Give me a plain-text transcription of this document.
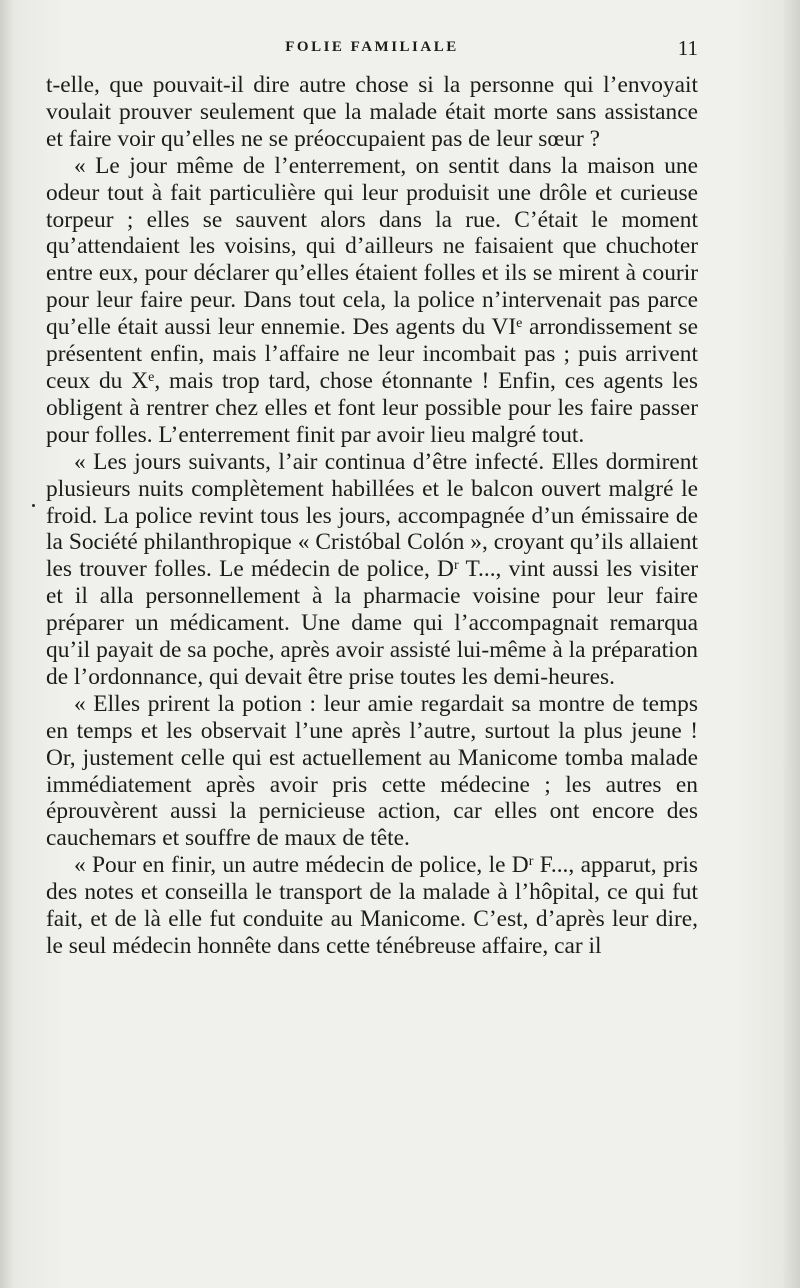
FOLIE FAMILIALE	11

t-elle, que pouvait-il dire autre chose si la personne qui l’envoyait voulait prouver seulement que la malade était morte sans assistance et faire voir qu’elles ne se préoccupaient pas de leur sœur ?

« Le jour même de l’enterrement, on sentit dans la maison une odeur tout à fait particulière qui leur produisit une drôle et curieuse torpeur ; elles se sauvent alors dans la rue. C’était le moment qu’attendaient les voisins, qui d’ailleurs ne faisaient que chuchoter entre eux, pour déclarer qu’elles étaient folles et ils se mirent à courir pour leur faire peur. Dans tout cela, la police n’intervenait pas parce qu’elle était aussi leur ennemie. Des agents du VIe arrondissement se présentent enfin, mais l’affaire ne leur incombait pas ; puis arrivent ceux du Xe, mais trop tard, chose étonnante ! Enfin, ces agents les obligent à rentrer chez elles et font leur possible pour les faire passer pour folles. L’enterrement finit par avoir lieu malgré tout.

« Les jours suivants, l’air continua d’être infecté. Elles dormirent plusieurs nuits complètement habillées et le balcon ouvert malgré le froid. La police revint tous les jours, accompagnée d’un émissaire de la Société philanthropique « Cristóbal Colón », croyant qu’ils allaient les trouver folles. Le médecin de police, $D^r$ T..., vint aussi les visiter et il alla personnellement à la pharmacie voisine pour leur faire préparer un médicament. Une dame qui l’accompagnait remarqua qu’il payait de sa poche, après avoir assisté lui-même à la préparation de l’ordonnance, qui devait être prise toutes les demi-heures.

« Elles prirent la potion : leur amie regardait sa montre de temps en temps et les observait l’une après l’autre, surtout la plus jeune ! Or, justement celle qui est actuellement au Manicome tomba malade immédiatement après avoir pris cette médecine ; les autres en éprouvèrent aussi la pernicieuse action, car elles ont encore des cauchemars et souffre de maux de tête.

« Pour en finir, un autre médecin de police, le $D^r$ F..., apparut, pris des notes et conseilla le transport de la malade à l’hôpital, ce qui fut fait, et de là elle fut conduite au Manicome. C’est, d’après leur dire, le seul médecin honnête dans cette ténébreuse affaire, car il
